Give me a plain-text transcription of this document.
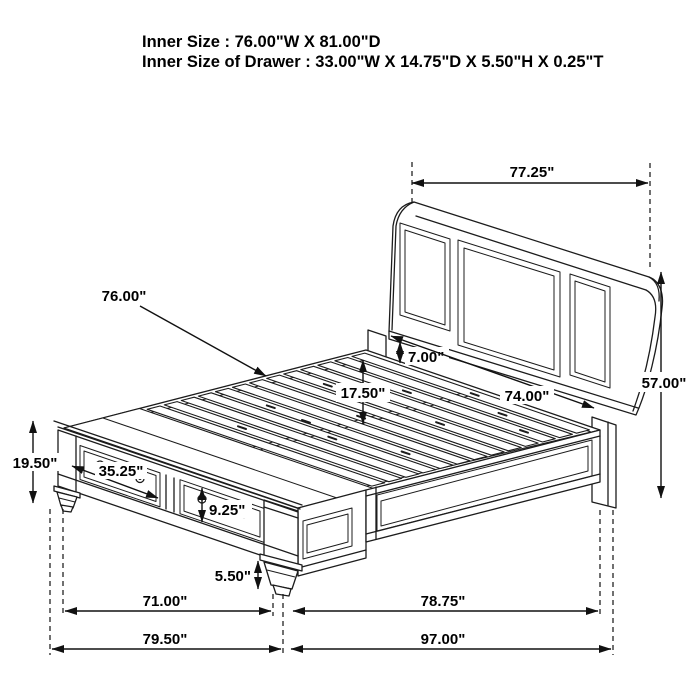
Inner Size : 76.00"W X 81.00"D
Inner Size of Drawer : 33.00"W X 14.75"D X 5.50"H X 0.25"T
77.25"
57.00"
76.00"
7.00"
17.50"	74.00"
19.50"	35.25"
9.25"
5.50"
71.00"	78.75"
79.50"	97.00"
